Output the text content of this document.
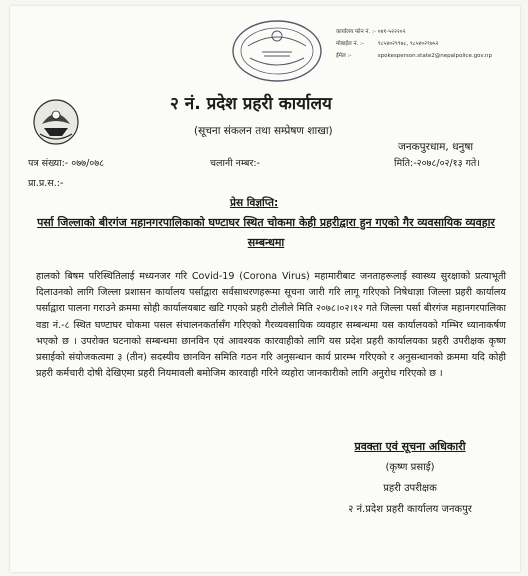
कार्यालय फोन नं. :- ०४१-५२२२०२
मोबाईल नं. :-	९८५४०२९९७८, ९८५४०२९७५२
ईमेल :-	spokesperson.state2@nepalpolice.gov.np
२ नं. प्रदेश प्रहरी कार्यालय
(सूचना संकलन तथा सम्प्रेषण शाखा)
जनकपुरधाम, धनुषा
पत्र संख्या:- ०७७/०७८	चलानी नम्बर:-	मिति:-२०७८/०२/१३ गते।
प्रा.प्र.स.:-
प्रेस विज्ञप्ति:
पर्सा जिल्लाको बीरगंज महानगरपालिकाको घण्टाघर स्थित चोकमा केही प्रहरीद्वारा हुन गएको गैर व्यवसायिक व्यवहार सम्बन्धमा
हालको बिषम परिस्थितिलाई मध्यनजर गरि Covid-19 (Corona Virus) महामारीबाट जनताहरूलाई स्वास्थ्य सुरक्षाको प्रत्याभूती दिलाउनको लागि जिल्ला प्रशासन कार्यालय पर्साद्वारा सर्वसाधरणहरूमा सूचना जारी गरि लागू गरिएको निषेधाज्ञा जिल्ला प्रहरी कार्यालय पर्साद्वारा पालना गराउने क्रममा सोही कार्यालयबाट खटि गएको प्रहरी टोलीले मिति २०७८।०२।१२ गते जिल्ला पर्सा बीरगंज महानगरपालिका वडा नं.-८ स्थित घण्टाघर चोकमा पसल संचालनकर्तासँग गरिएको गैरव्यवसायिक व्यवहार सम्बन्धमा यस कार्यालयको गम्भिर ध्यानाकर्षण भएको छ । उपरोक्त घटनाको सम्बन्धमा छानविन एवं आवश्यक कारवाहीको लागि यस प्रदेश प्रहरी कार्यालयका प्रहरी उपरीक्षक कृष्ण प्रसाईको संयोजकत्वमा ३ (तीन) सदस्यीय छानविन समिति गठन गरि अनुसन्धान कार्य प्रारम्भ गरिएको र अनुसन्धानको क्रममा यदि कोही प्रहरी कर्मचारी दोषी देखिएमा प्रहरी नियमावली बमोजिम कारवाही गरिने व्यहोरा जानकारीको लागि अनुरोध गरिएको छ ।
प्रवक्ता एवं सूचना अधिकारी
(कृष्ण प्रसाई)
प्रहरी उपरीक्षक
२ नं.प्रदेश प्रहरी कार्यालय जनकपुर
